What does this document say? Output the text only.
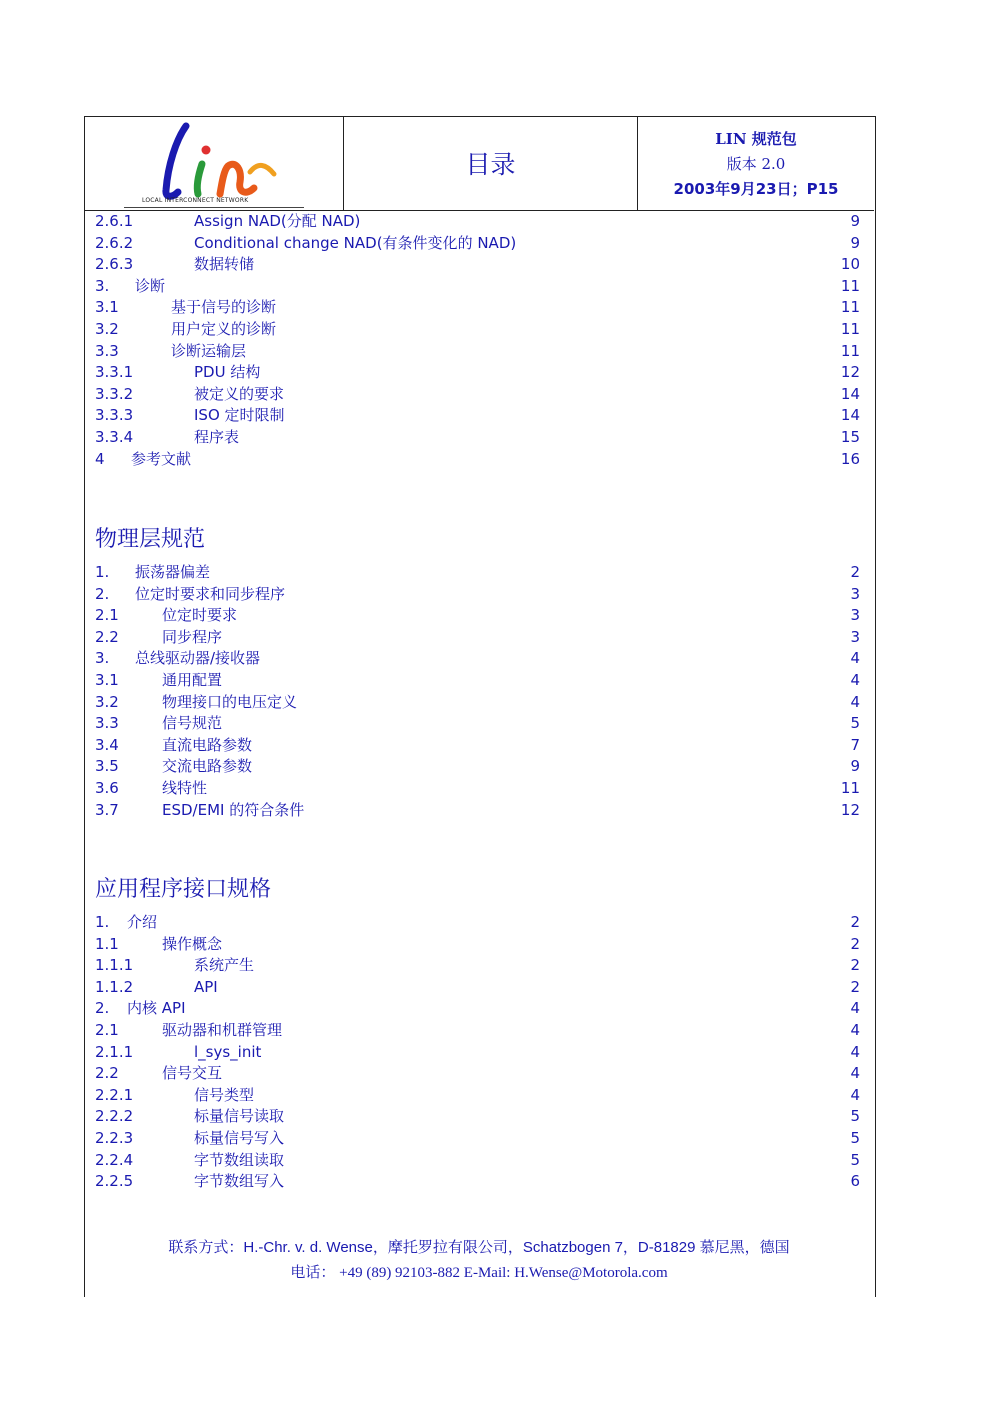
LOCAL INTERCONNECT NETWORK
目录
LIN 规范包
版本 2.0
2003年9月23日；P15
2.6.1	Assign NAD(分配 NAD)	9
2.6.2	Conditional change NAD(有条件变化的 NAD)	9
2.6.3	数据转储	10
3. 诊断	11
3.1	基于信号的诊断	11
3.2	用户定义的诊断	11
3.3	诊断运输层	11
3.3.1	PDU 结构	12
3.3.2	被定义的要求	14
3.3.3	ISO 定时限制	14
3.3.4	程序表	15
4 参考文献	16
物理层规范
1. 振荡器偏差	2
2. 位定时要求和同步程序	3
2.1	位定时要求	3
2.2	同步程序	3
3. 总线驱动器/接收器	4
3.1	通用配置	4
3.2	物理接口的电压定义	4
3.3	信号规范	5
3.4	直流电路参数	7
3.5	交流电路参数	9
3.6	线特性	11
3.7	ESD/EMI 的符合条件	12
应用程序接口规格
1. 介绍	2
1.1	操作概念	2
1.1.1	系统产生	2
1.1.2	API	2
2. 内核 API	4
2.1	驱动器和机群管理	4
2.1.1	l_sys_init	4
2.2	信号交互	4
2.2.1	信号类型	4
2.2.2	标量信号读取	5
2.2.3	标量信号写入	5
2.2.4	字节数组读取	5
2.2.5	字节数组写入	6
联系方式：H.-Chr. v. d. Wense，摩托罗拉有限公司，Schatzbogen 7，D-81829 慕尼黑，德国
电话： +49 (89) 92103-882 E-Mail: H.Wense@Motorola.com
